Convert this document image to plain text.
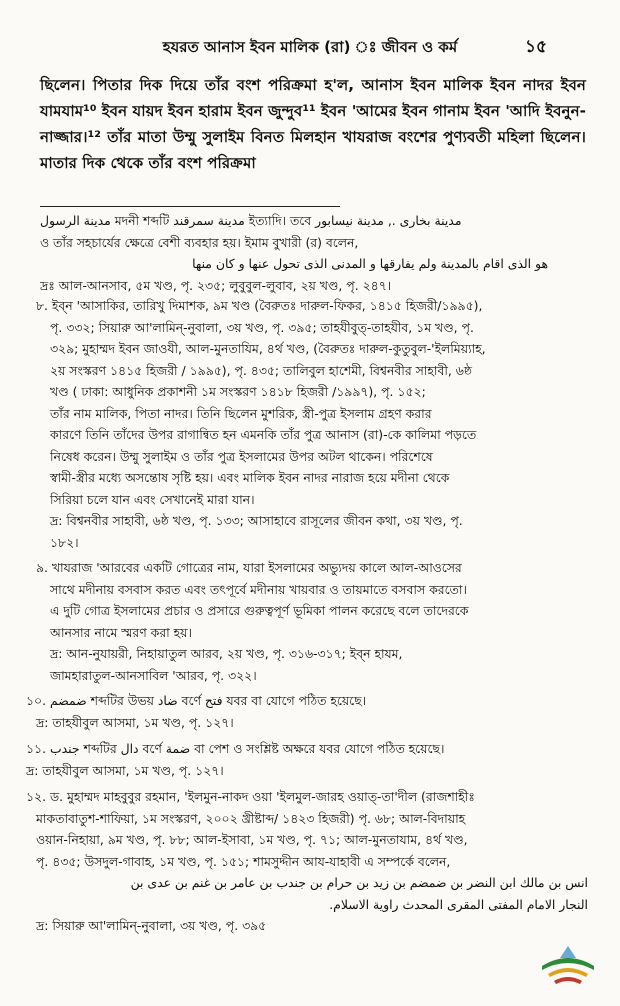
হযরত আনাস ইবন মালিক (রা) ঃ জীবন ও কর্ম	১৫
ছিলেন। পিতার দিক দিয়ে তাঁর বংশ পরিক্রমা হ'ল, আনাস ইবন মালিক ইবন নাদর ইবন যামযাম¹⁰ ইবন যায়দ ইবন হারাম ইবন জুন্দুব¹¹ ইবন 'আমের ইবন গানাম ইবন 'আদি ইবনুন-নাজ্জার।¹² তাঁর মাতা উম্মু সুলাইম বিনত মিলহান খাযরাজ বংশের পুণ্যবতী মহিলা ছিলেন। মাতার দিক থেকে তাঁর বংশ পরিক্রমা
مدينة الرسول মদনী শব্দটি مدينة سمرقند ইত্যাদি। তবে مدينة بخارى ., مدينة نيسابور
ও তাঁর সহচার্যের ক্ষেত্রে বেশী ব্যবহার হয়। ইমাম বুখারী (র) বলেন,
هو الذى اقام بالمدينة ولم يفارقها و المدنى الذى تحول عنها و كان منها
দ্রঃ আল-আনসাব, ৫ম খণ্ড, পৃ. ২৩৫; লুবুবুল-লুবাব, ২য় খণ্ড, পৃ. ২৪৭।
৮. ইব্ন 'আসাকির, তারিখু দিমাশক, ৯ম খণ্ড (বৈরুতঃ দারুল-ফিকর, ১৪১৫ হিজরী/১৯৯৫),
পৃ. ৩৩২; সিয়ারু আ'লামিন্-নুবালা, ৩য় খণ্ড, পৃ. ৩৯৫; তাহযীবুত্-তাহযীব, ১ম খণ্ড, পৃ.
৩২৯; মুহাম্মদ ইবন জাওযী, আল-মুনতাযিম, ৪র্থ খণ্ড, (বৈরুতঃ দারুল-কুতুবুল-'ইলমিয়্যাহ,
২য় সংস্করণ ১৪১৫ হিজরী / ১৯৯৫), পৃ. ৪৩৫; তালিবুল হাশেমী, বিশ্বনবীর সাহাবী, ৬ষ্ঠ
খণ্ড ( ঢাকা: আধুনিক প্রকাশনী ১ম সংস্করণ ১৪১৮ হিজরী /১৯৯৭), পৃ. ১৫২;
তাঁর নাম মালিক, পিতা নাদর। তিনি ছিলেন মুশরিক, স্ত্রী-পুত্র ইসলাম গ্রহণ করার
কারণে তিনি তাঁদের উপর রাগান্বিত হন এমনকি তাঁর পুত্র আনাস (রা)-কে কালিমা পড়তে
নিষেধ করেন। উম্মু সুলাইম ও তাঁর পুত্র ইসলামের উপর অটল থাকেন। পরিশেষে
স্বামী-স্ত্রীর মধ্যে অসন্তোষ সৃষ্টি হয়। এবং মালিক ইবন নাদর নারাজ হয়ে মদীনা থেকে
সিরিয়া চলে যান এবং সেখানেই মারা যান।
দ্র: বিশ্বনবীর সাহাবী, ৬ষ্ঠ খণ্ড, পৃ. ১৩৩; আসাহাবে রাসূলের জীবন কথা, ৩য় খণ্ড, পৃ.
১৮২।
৯. খাযরাজ 'আরবের একটি গোত্রের নাম, যারা ইসলামের অভ্যুদয় কালে আল-আওসের
সাথে মদীনায় বসবাস করত এবং তৎপূর্বে মদীনায় খায়বার ও তায়মাতে বসবাস করতো।
এ দুটি গোত্র ইসলামের প্রচার ও প্রসারে গুরুত্বপূর্ণ ভূমিকা পালন করেছে বলে তাদেরকে
আনসার নামে স্মরণ করা হয়।
দ্র: আন-নুযায়রী, নিহায়াতুল আরব, ২য় খণ্ড, পৃ. ৩১৬-৩১৭; ইব্ন হাযম,
জামহারাতুল-আনসাবিল 'আরব, পৃ. ৩২২।
১০. ضمضم শব্দটির উভয় ضاد বর্ণে فتح যবর বা যোগে পঠিত হয়েছে।
দ্র: তাহযীবুল আসমা, ১ম খণ্ড, পৃ. ১২৭।
১১. جندب শব্দটির دال বর্ণে ضمة বা পেশ ও সংশ্লিষ্ট অক্ষরে যবর যোগে পঠিত হয়েছে।
দ্র: তাহযীবুল আসমা, ১ম খণ্ড, পৃ. ১২৭।
১২. ড. মুহাম্মদ মাহবুবুর রহমান, 'ইলমুন-নাকদ ওয়া 'ইলমুল-জারহ ওয়াত্-তা'দীল (রাজশাহীঃ
মাকতাবাতুশ-শাফিয়া, ১ম সংস্করণ, ২০০২ খ্রীষ্টাব্দ/ ১৪২৩ হিজরী) পৃ. ৬৮; আল-বিদায়াহ
ওয়ান-নিহায়া, ৯ম খণ্ড, পৃ. ৮৮; আল-ইসাবা, ১ম খণ্ড, পৃ. ৭১; আল-মুনতাযাম, ৪র্থ খণ্ড,
পৃ. ৪৩৫; উসদুল-গাবাহ, ১ম খণ্ড, পৃ. ১৫১; শামসুদ্দীন আয-যাহাবী এ সম্পর্কে বলেন,
انس بن مالك ابن النضر بن ضمضم بن زيد بن حرام بن جندب بن عامر بن غنم بن عدى بن
النجار الامام المفتى المقرى المحدث راوية الاسلام.
দ্র: সিয়ারু আ'লামিন্-নুবালা, ৩য় খণ্ড, পৃ. ৩৯৫
